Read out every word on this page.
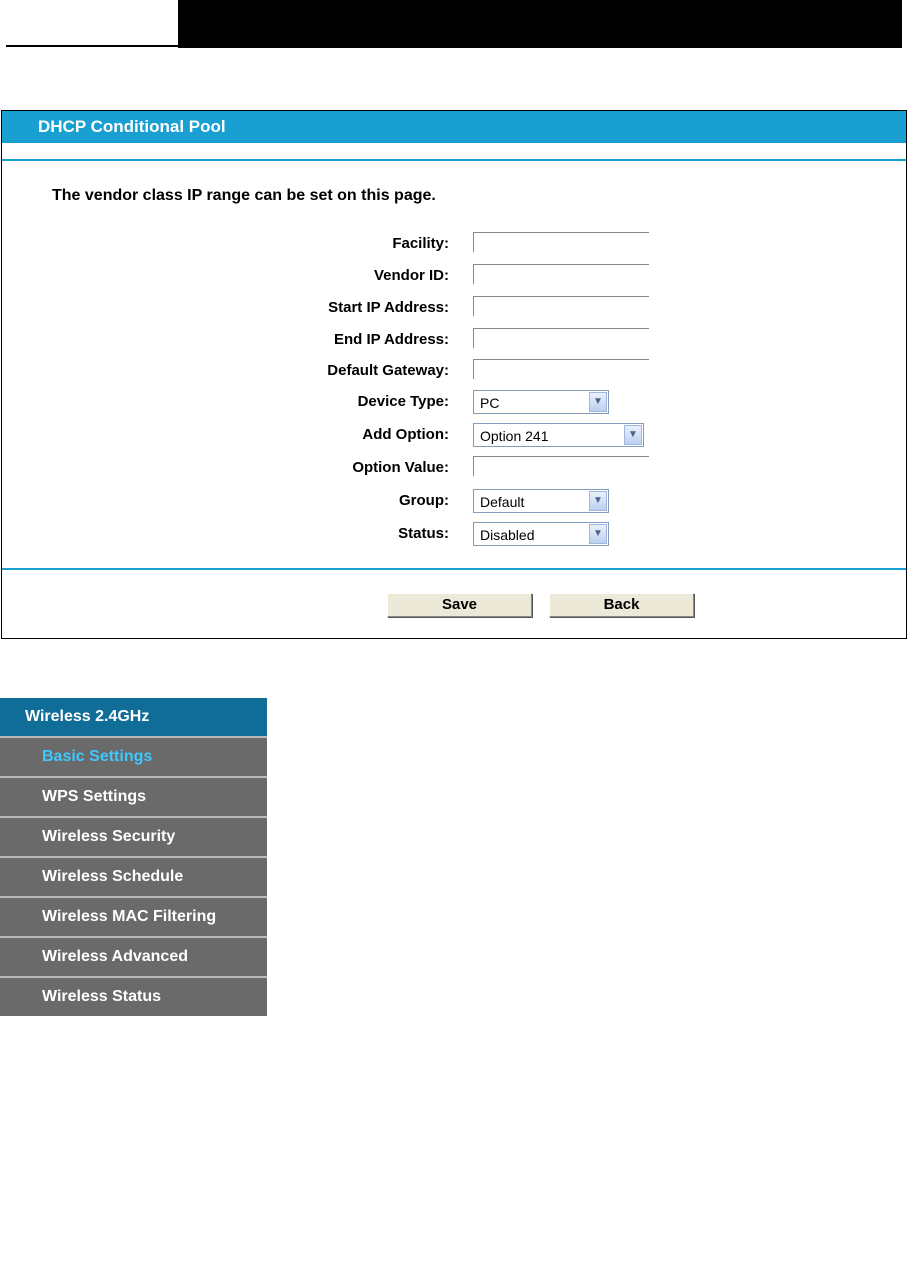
DHCP Conditional Pool
The vendor class IP range can be set on this page.
Facility:
Vendor ID:
Start IP Address:
End IP Address:
Default Gateway:
Device Type: PC	▼
Add Option: Option 241	▼
Option Value:
Group: Default	▼
Status: Disabled	▼
Save	Back
Wireless 2.4GHz
Basic Settings
WPS Settings
Wireless Security
Wireless Schedule
Wireless MAC Filtering
Wireless Advanced
Wireless Status
